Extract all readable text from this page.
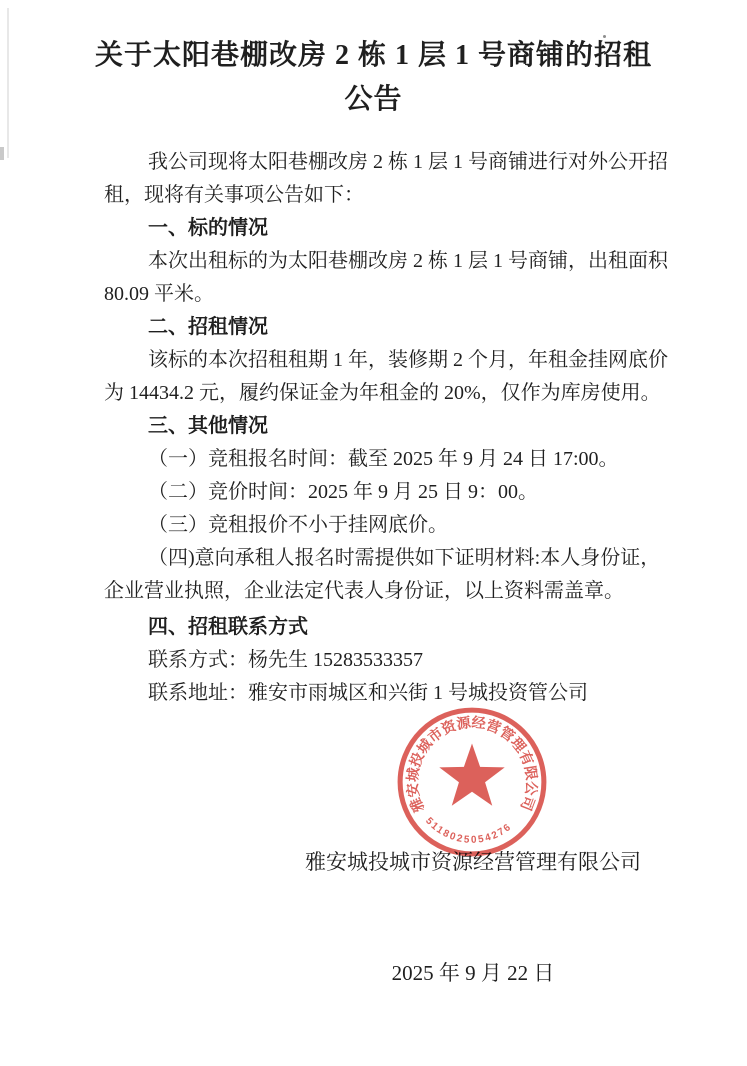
关于太阳巷棚改房 2 栋 1 层 1 号商铺的招租
公告
我公司现将太阳巷棚改房 2 栋 1 层 1 号商铺进行对外公开招
租，现将有关事项公告如下：
一、标的情况
本次出租标的为太阳巷棚改房 2 栋 1 层 1 号商铺，出租面积
80.09 平米。
二、招租情况
该标的本次招租租期 1 年，装修期 2 个月，年租金挂网底价
为 14434.2 元，履约保证金为年租金的 20%，仅作为库房使用。
三、其他情况
（一）竞租报名时间：截至 2025 年 9 月 24 日 17:00。
（二）竞价时间：2025 年 9 月 25 日 9：00。
（三）竞租报价不小于挂网底价。
（四)意向承租人报名时需提供如下证明材料:本人身份证，
企业营业执照，企业法定代表人身份证，以上资料需盖章。
四、招租联系方式
联系方式：杨先生 15283533357
联系地址：雅安市雨城区和兴街 1 号城投资管公司

雅安城投城市资源经营管理有限公司

2025 年 9 月 22 日

雅安城投城市资源经营管理有限公司
5118025054276
